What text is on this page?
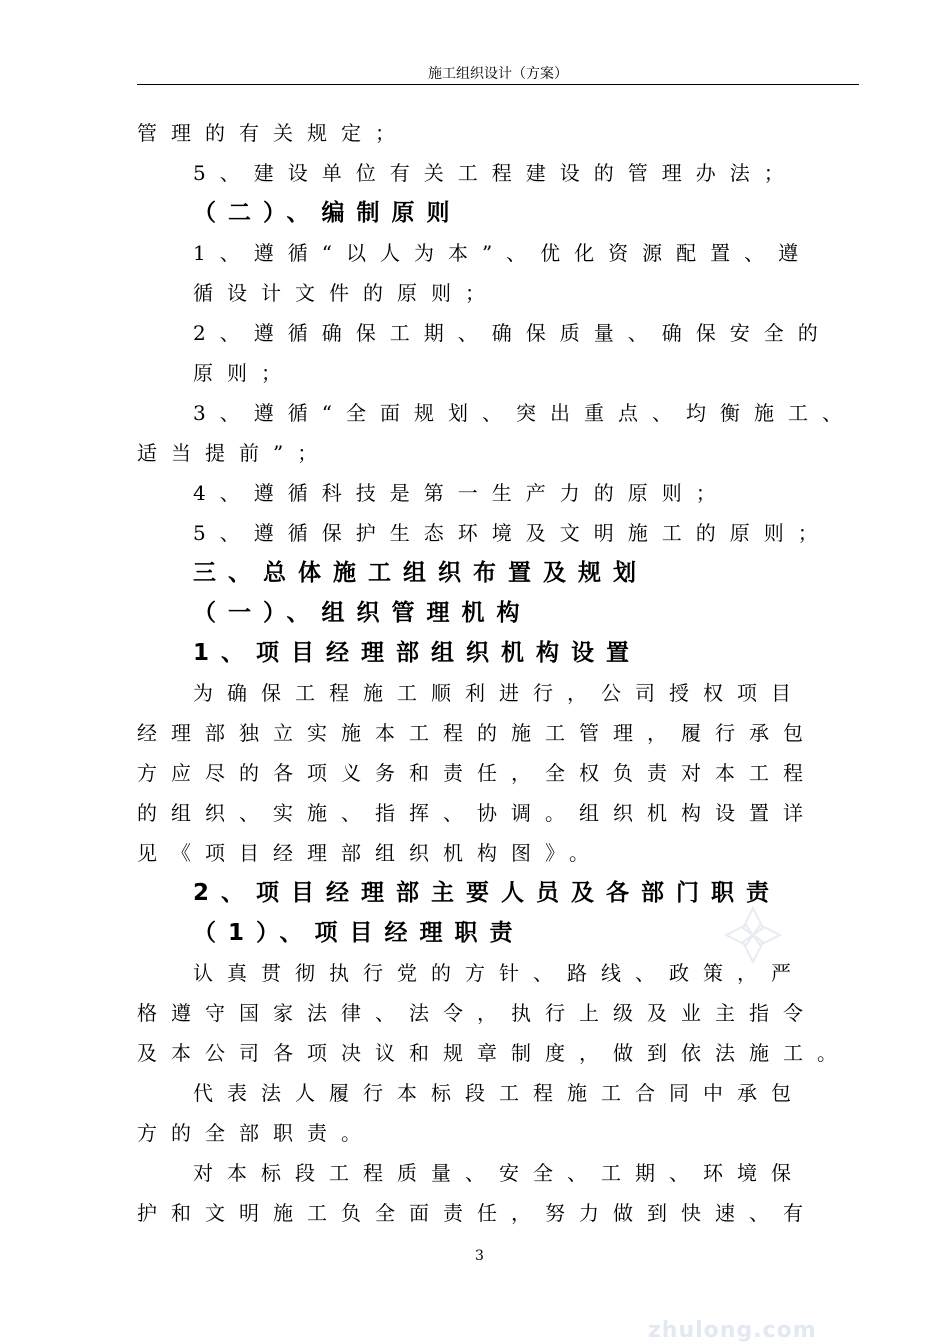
施工组织设计（方案）
管理的有关规定；
5、建设单位有关工程建设的管理办法；
（二）、编制原则
1、遵循“以人为本”、优化资源配置、遵
循设计文件的原则；
2、遵循确保工期、确保质量、确保安全的
原则；
3、遵循“全面规划、突出重点、均衡施工、
适当提前”；
4、遵循科技是第一生产力的原则；
5、遵循保护生态环境及文明施工的原则；
三、总体施工组织布置及规划
（一）、组织管理机构
1、项目经理部组织机构设置
为确保工程施工顺利进行，公司授权项目
经理部独立实施本工程的施工管理，履行承包
方应尽的各项义务和责任，全权负责对本工程
的组织、实施、指挥、协调。组织机构设置详
见《项目经理部组织机构图》。
2、项目经理部主要人员及各部门职责
（1）、项目经理职责
认真贯彻执行党的方针、路线、政策，严
格遵守国家法律、法令，执行上级及业主指令
及本公司各项决议和规章制度，做到依法施工。
代表法人履行本标段工程施工合同中承包
方的全部职责。
对本标段工程质量、安全、工期、环境保
护和文明施工负全面责任，努力做到快速、有
3
zhulong.com
